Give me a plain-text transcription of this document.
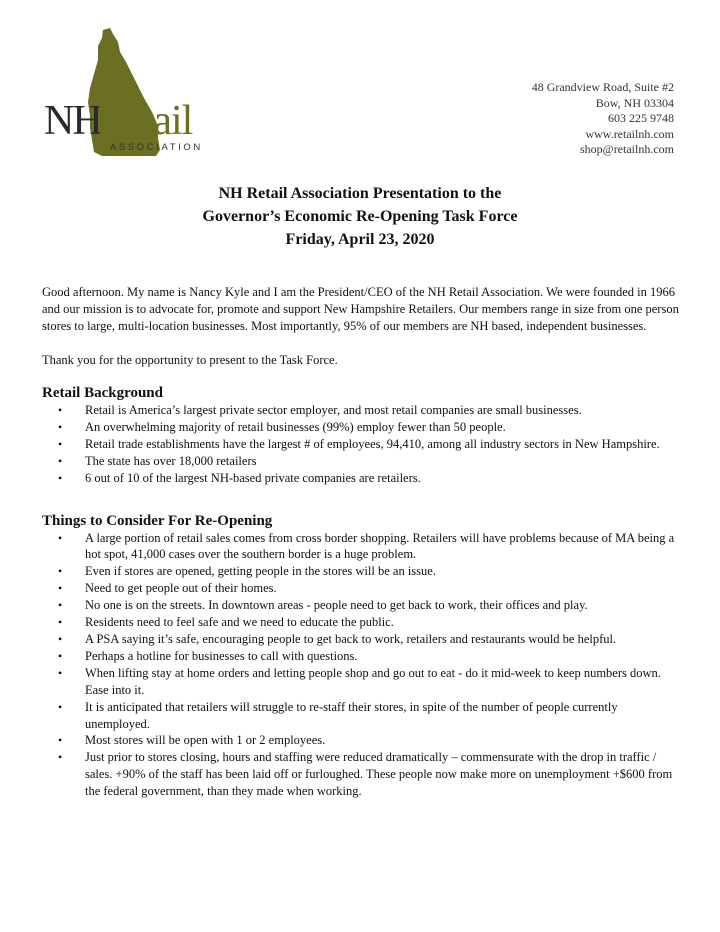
NH
Retail
ASSOCIATION
48 Grandview Road, Suite #2
Bow, NH 03304
603 225 9748
www.retailnh.com
shop@retailnh.com
NH Retail Association Presentation to the
Governor’s Economic Re-Opening Task Force
Friday, April 23, 2020

Good afternoon. My name is Nancy Kyle and I am the President/CEO of the NH Retail Association. We were founded in 1966 and our mission is to advocate for, promote and support New Hampshire Retailers. Our members range in size from one person stores to large, multi-location businesses. Most importantly, 95% of our members are NH based, independent businesses.

Thank you for the opportunity to present to the Task Force.

Retail Background
• Retail is America’s largest private sector employer, and most retail companies are small businesses.
• An overwhelming majority of retail businesses (99%) employ fewer than 50 people.
• Retail trade establishments have the largest # of employees, 94,410, among all industry sectors in New Hampshire.
• The state has over 18,000 retailers
• 6 out of 10 of the largest NH-based private companies are retailers.
Things to Consider For Re-Opening
• A large portion of retail sales comes from cross border shopping. Retailers will have problems because of MA being a hot spot, 41,000 cases over the southern border is a huge problem.
• Even if stores are opened, getting people in the stores will be an issue.
• Need to get people out of their homes.
• No one is on the streets. In downtown areas - people need to get back to work, their offices and play.
• Residents need to feel safe and we need to educate the public.
• A PSA saying it’s safe, encouraging people to get back to work, retailers and restaurants would be helpful.
• Perhaps a hotline for businesses to call with questions.
• When lifting stay at home orders and letting people shop and go out to eat - do it mid-week to keep numbers down. Ease into it.
• It is anticipated that retailers will struggle to re-staff their stores, in spite of the number of people currently unemployed.
• Most stores will be open with 1 or 2 employees.
• Just prior to stores closing, hours and staffing were reduced dramatically – commensurate with the drop in traffic / sales. +90% of the staff has been laid off or furloughed. These people now make more on unemployment +$600 from the federal government, than they made when working.
